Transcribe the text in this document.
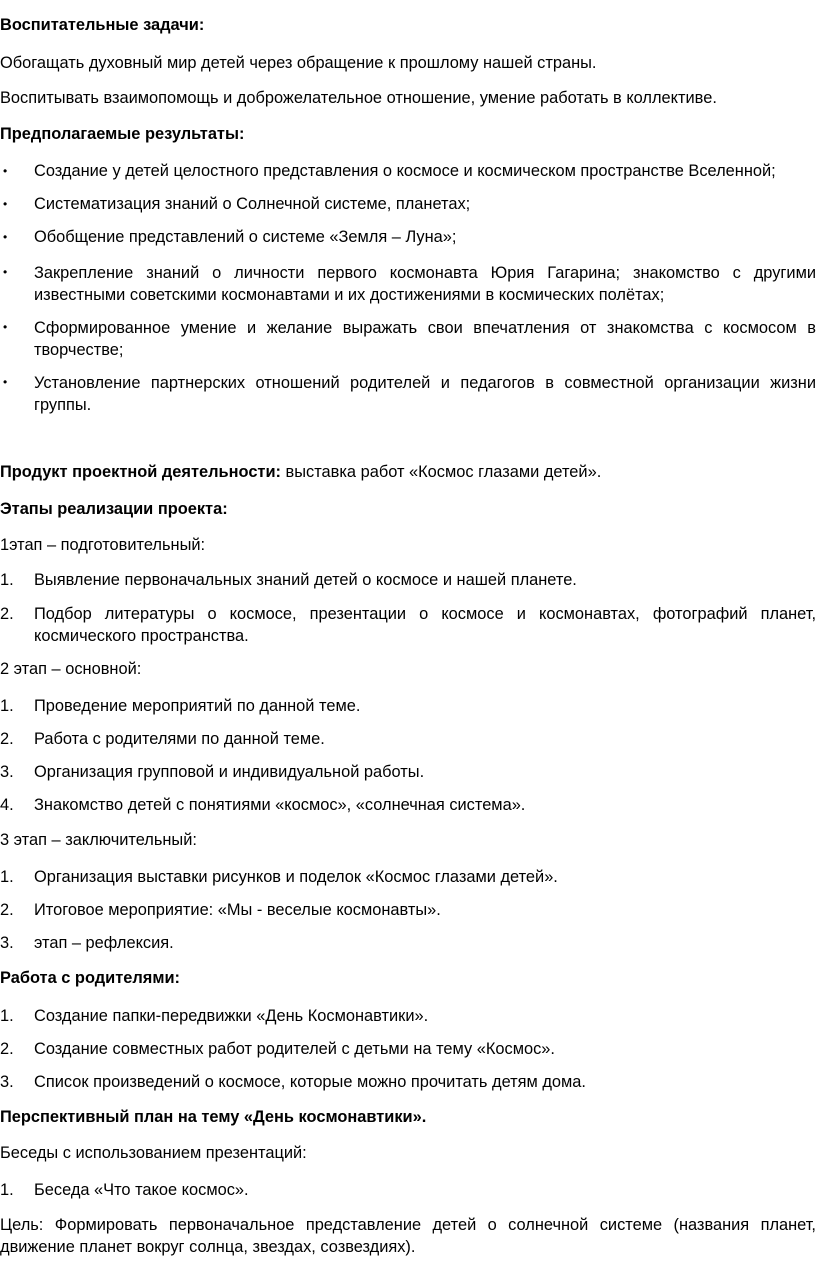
Воспитательные задачи:
Обогащать духовный мир детей через обращение к прошлому нашей страны.
Воспитывать взаимопомощь и доброжелательное отношение, умение работать в коллективе.
Предполагаемые результаты:
•	Создание у детей целостного представления о космосе и космическом пространстве Вселенной;
•	Систематизация знаний о Солнечной системе, планетах;
•	Обобщение представлений о системе «Земля – Луна»;
•	Закрепление знаний о личности первого космонавта Юрия Гагарина; знакомство с другими известными советскими космонавтами и их достижениями в космических полётах;
•	Сформированное умение и желание выражать свои впечатления от знакомства с космосом в творчестве;
•	Установление партнерских отношений родителей и педагогов в совместной организации жизни группы.
Продукт проектной деятельности: выставка работ «Космос глазами детей».
Этапы реализации проекта:
1этап – подготовительный:
1.	Выявление первоначальных знаний детей о космосе и нашей планете.
2.	Подбор литературы о космосе, презентации о космосе и космонавтах, фотографий планет, космического пространства.
2 этап – основной:
1.	Проведение мероприятий по данной теме.
2.	Работа с родителями по данной теме.
3.	Организация групповой и индивидуальной работы.
4.	Знакомство детей с понятиями «космос», «солнечная система».
3 этап – заключительный:
1.	Организация выставки рисунков и поделок «Космос глазами детей».
2.	Итоговое мероприятие: «Мы - веселые космонавты».
3.	этап – рефлексия.
Работа с родителями:
1.	Создание папки-передвижки «День Космонавтики».
2.	Создание совместных работ родителей с детьми на тему «Космос».
3.	Список произведений о космосе, которые можно прочитать детям дома.
Перспективный план на тему «День космонавтики».
Беседы с использованием презентаций:
1.	Беседа «Что такое космос».
Цель: Формировать первоначальное представление детей о солнечной системе (названия планет, движение планет вокруг солнца, звездах, созвездиях).
